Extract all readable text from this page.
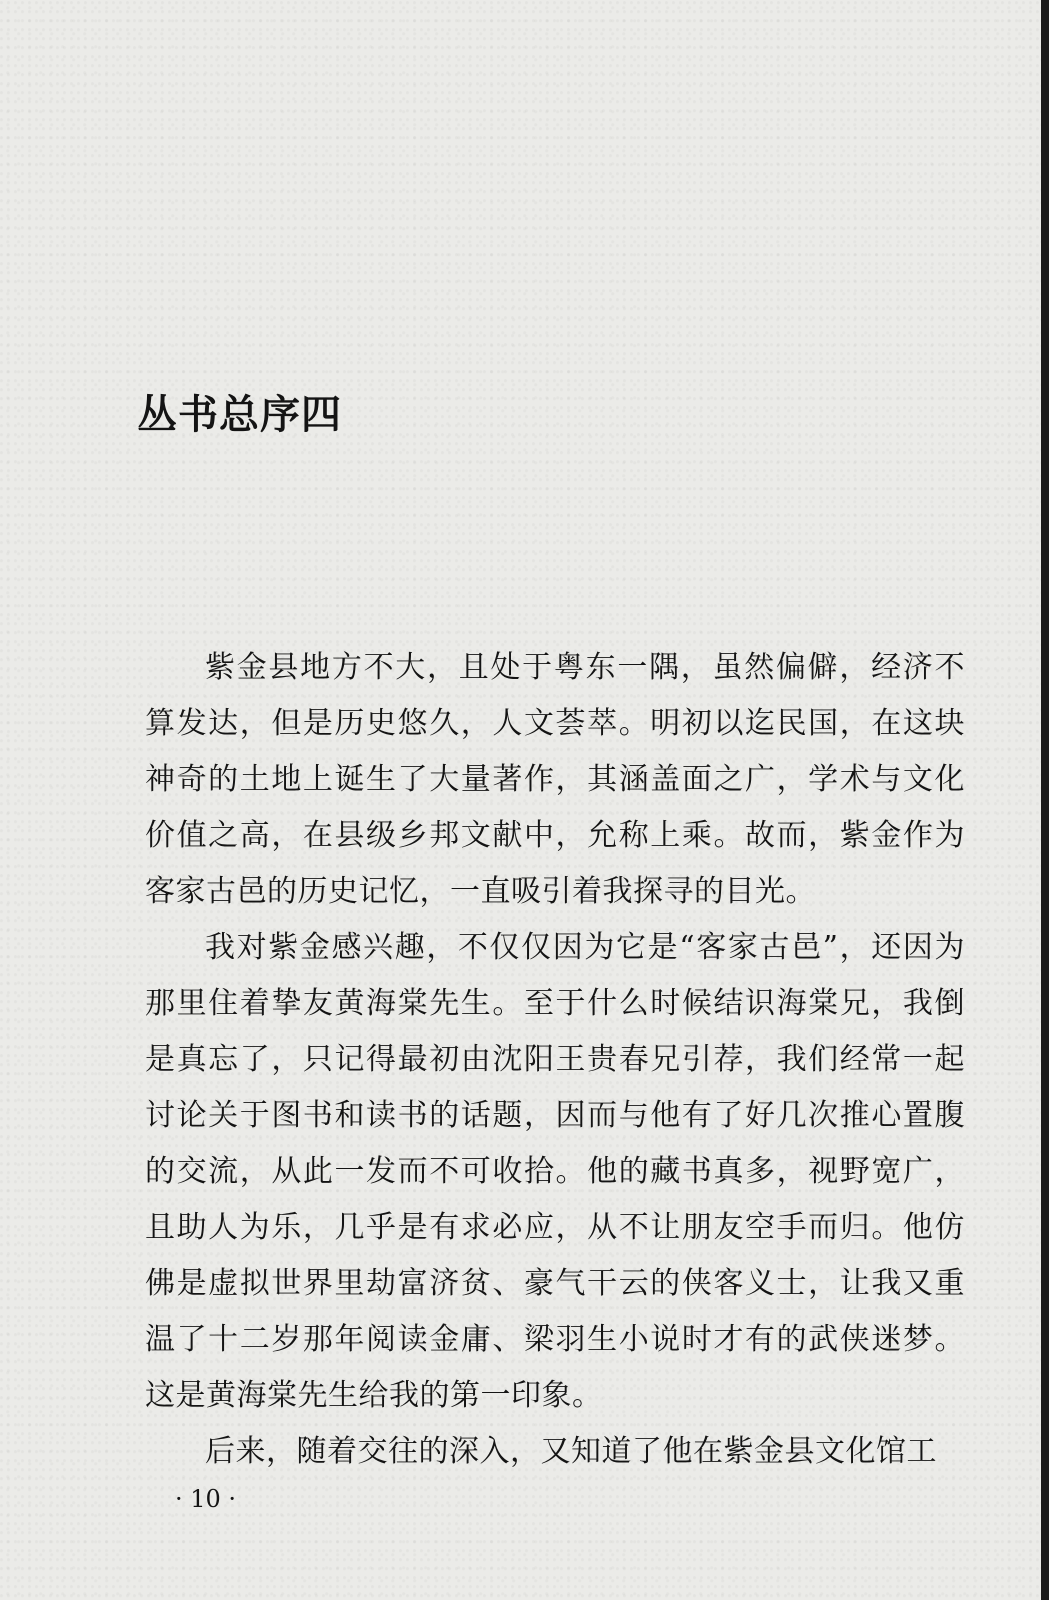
丛书总序四

紫金县地方不大，且处于粤东一隅，虽然偏僻，经济不算发达，但是历史悠久，人文荟萃。明初以迄民国，在这块神奇的土地上诞生了大量著作，其涵盖面之广，学术与文化价值之高，在县级乡邦文献中，允称上乘。故而，紫金作为客家古邑的历史记忆，一直吸引着我探寻的目光。

我对紫金感兴趣，不仅仅因为它是“客家古邑”，还因为那里住着挚友黄海棠先生。至于什么时候结识海棠兄，我倒是真忘了，只记得最初由沈阳王贵春兄引荐，我们经常一起讨论关于图书和读书的话题，因而与他有了好几次推心置腹的交流，从此一发而不可收拾。他的藏书真多，视野宽广，且助人为乐，几乎是有求必应，从不让朋友空手而归。他仿佛是虚拟世界里劫富济贫、豪气干云的侠客义士，让我又重温了十二岁那年阅读金庸、梁羽生小说时才有的武侠迷梦。这是黄海棠先生给我的第一印象。

后来，随着交往的深入，又知道了他在紫金县文化馆工

· 10 ·
